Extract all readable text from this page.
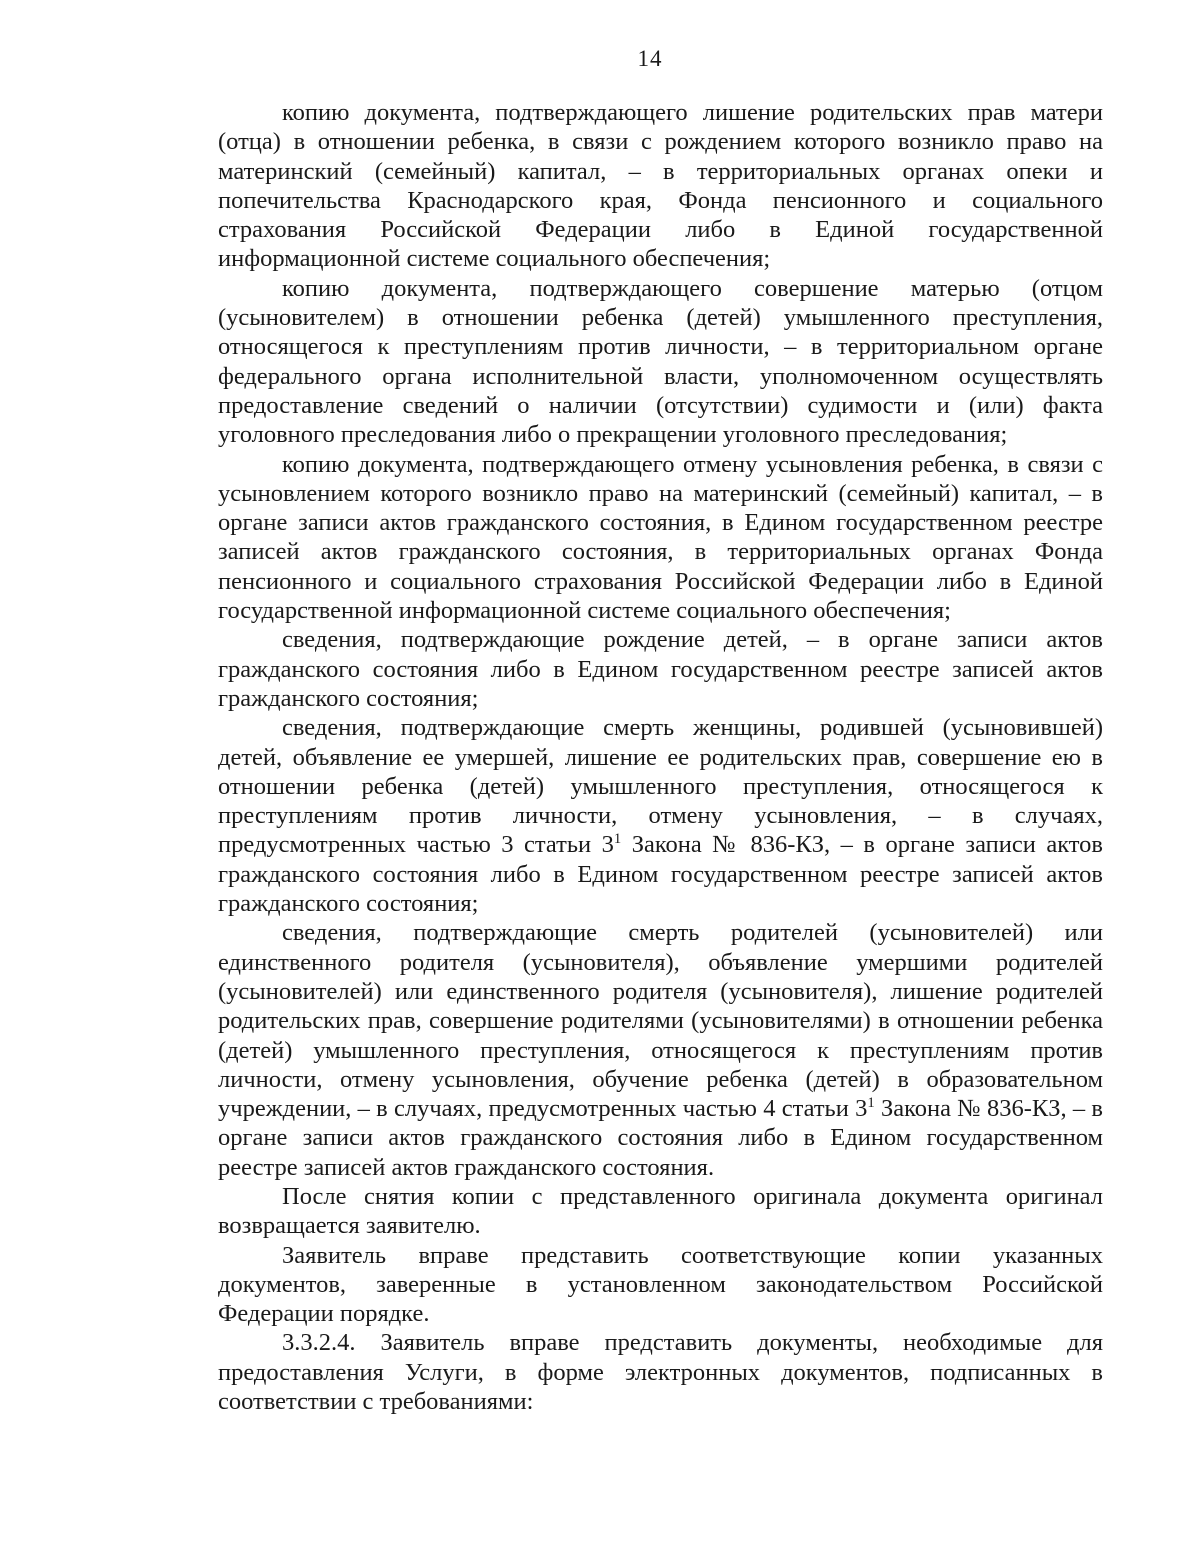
14

копию документа, подтверждающего лишение родительских прав матери (отца) в отношении ребенка, в связи с рождением которого возникло право на материнский (семейный) капитал, – в территориальных органах опеки и попечительства Краснодарского края, Фонда пенсионного и социального страхования Российской Федерации либо в Единой государственной информационной системе социального обеспечения;

копию документа, подтверждающего совершение матерью (отцом (усыновителем) в отношении ребенка (детей) умышленного преступления, относящегося к преступлениям против личности, – в территориальном органе федерального органа исполнительной власти, уполномоченном осуществлять предоставление сведений о наличии (отсутствии) судимости и (или) факта уголовного преследования либо о прекращении уголовного преследования;

копию документа, подтверждающего отмену усыновления ребенка, в связи с усыновлением которого возникло право на материнский (семейный) капитал, – в органе записи актов гражданского состояния, в Едином государственном реестре записей актов гражданского состояния, в территориальных органах Фонда пенсионного и социального страхования Российской Федерации либо в Единой государственной информационной системе социального обеспечения;

сведения, подтверждающие рождение детей, – в органе записи актов гражданского состояния либо в Едином государственном реестре записей актов гражданского состояния;

сведения, подтверждающие смерть женщины, родившей (усыновившей) детей, объявление ее умершей, лишение ее родительских прав, совершение ею в отношении ребенка (детей) умышленного преступления, относящегося к преступлениям против личности, отмену усыновления, – в случаях, предусмотренных частью 3 статьи $3^1$ Закона № 836-КЗ, – в органе записи актов гражданского состояния либо в Едином государственном реестре записей актов гражданского состояния;

сведения, подтверждающие смерть родителей (усыновителей) или единственного родителя (усыновителя), объявление умершими родителей (усыновителей) или единственного родителя (усыновителя), лишение родителей родительских прав, совершение родителями (усыновителями) в отношении ребенка (детей) умышленного преступления, относящегося к преступлениям против личности, отмену усыновления, обучение ребенка (детей) в образовательном учреждении, – в случаях, предусмотренных частью 4 статьи $3^1$ Закона № 836-КЗ, – в органе записи актов гражданского состояния либо в Едином государственном реестре записей актов гражданского состояния.

После снятия копии с представленного оригинала документа оригинал возвращается заявителю.

Заявитель вправе представить соответствующие копии указанных документов, заверенные в установленном законодательством Российской Федерации порядке.

3.3.2.4. Заявитель вправе представить документы, необходимые для предоставления Услуги, в форме электронных документов, подписанных в соответствии с требованиями:
